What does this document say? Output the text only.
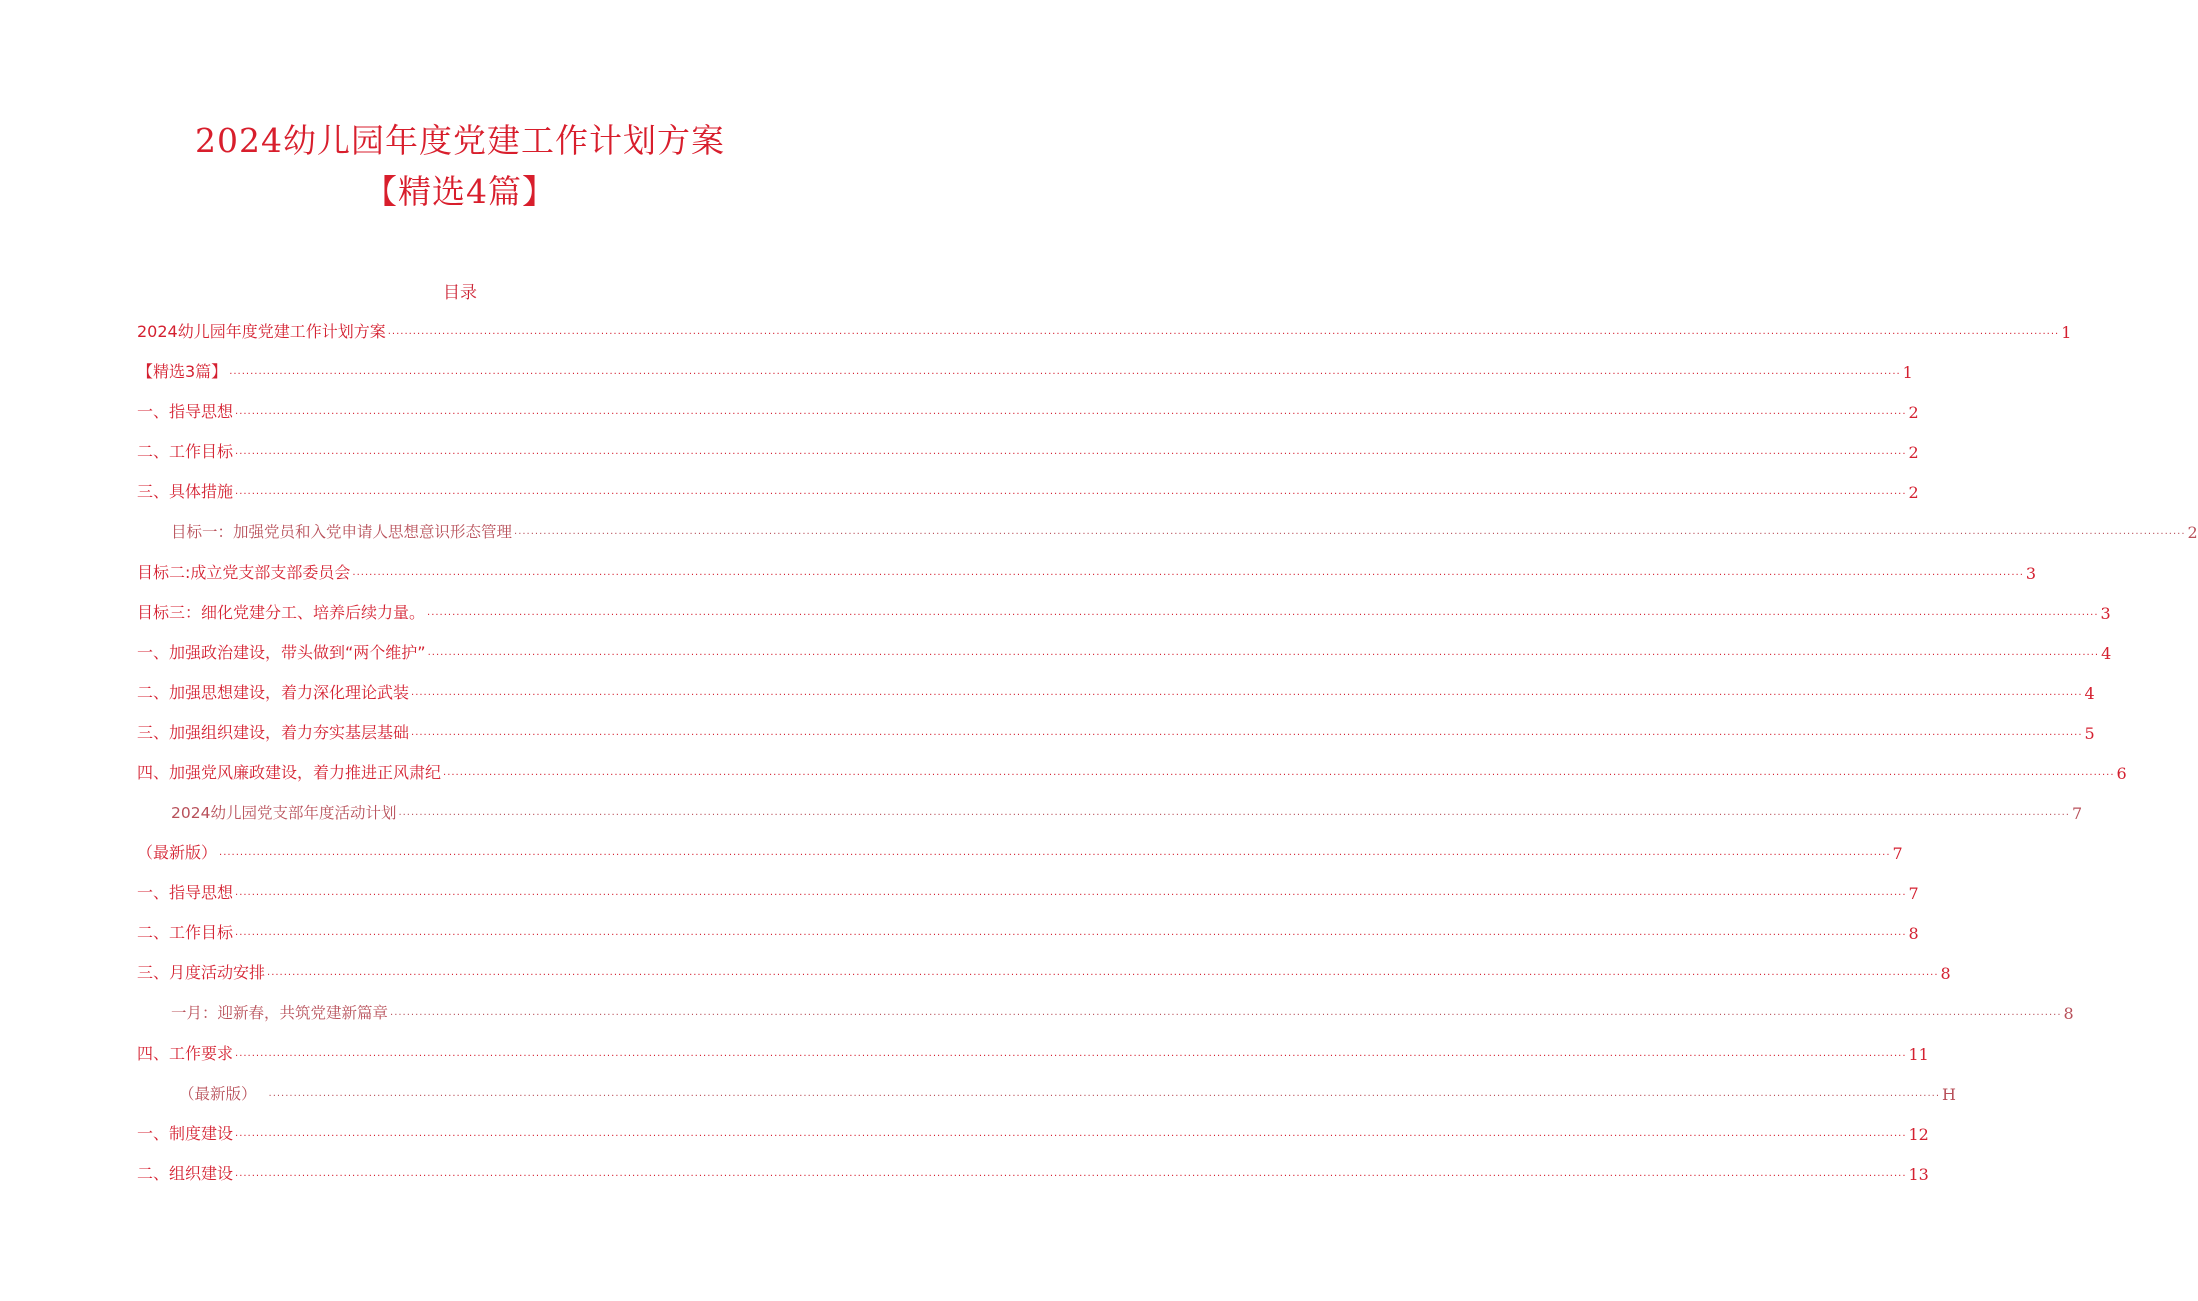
2024幼儿园年度党建工作计划方案
【精选4篇】
目录
2024幼儿园年度党建工作计划方案 ................................................................................................................................................................................................................................................................................................................................................................................................................ 1
【精选3篇】 ................................................................................................................................................................................................................................................................................................................................................................................................................ 1
一、指导思想 ................................................................................................................................................................................................................................................................................................................................................................................................................ 2
二、工作目标 ................................................................................................................................................................................................................................................................................................................................................................................................................ 2
三、具体措施 ................................................................................................................................................................................................................................................................................................................................................................................................................ 2
目标一：加强党员和入党申请人思想意识形态管理 ................................................................................................................................................................................................................................................................................................................................................................................................................ 2
目标二:成立党支部支部委员会 ................................................................................................................................................................................................................................................................................................................................................................................................................ 3
目标三：细化党建分工、培养后续力量。 ................................................................................................................................................................................................................................................................................................................................................................................................................ 3
一、加强政治建设，带头做到“两个维护” ................................................................................................................................................................................................................................................................................................................................................................................................................ 4
二、加强思想建设，着力深化理论武装 ................................................................................................................................................................................................................................................................................................................................................................................................................ 4
三、加强组织建设，着力夯实基层基础 ................................................................................................................................................................................................................................................................................................................................................................................................................ 5
四、加强党风廉政建设，着力推进正风肃纪 ................................................................................................................................................................................................................................................................................................................................................................................................................ 6
2024幼儿园党支部年度活动计划 ................................................................................................................................................................................................................................................................................................................................................................................................................ 7
（最新版） ................................................................................................................................................................................................................................................................................................................................................................................................................ 7
一、指导思想 ................................................................................................................................................................................................................................................................................................................................................................................................................ 7
二、工作目标 ................................................................................................................................................................................................................................................................................................................................................................................................................ 8
三、月度活动安排 ................................................................................................................................................................................................................................................................................................................................................................................................................ 8
一月：迎新春，共筑党建新篇章 ................................................................................................................................................................................................................................................................................................................................................................................................................ 8
四、工作要求 ................................................................................................................................................................................................................................................................................................................................................................................................................ 11
（最新版）	................................................................................................................................................................................................................................................................................................................................................................................................................ H
一、制度建设 ................................................................................................................................................................................................................................................................................................................................................................................................................ 12
二、组织建设 ................................................................................................................................................................................................................................................................................................................................................................................................................ 13
